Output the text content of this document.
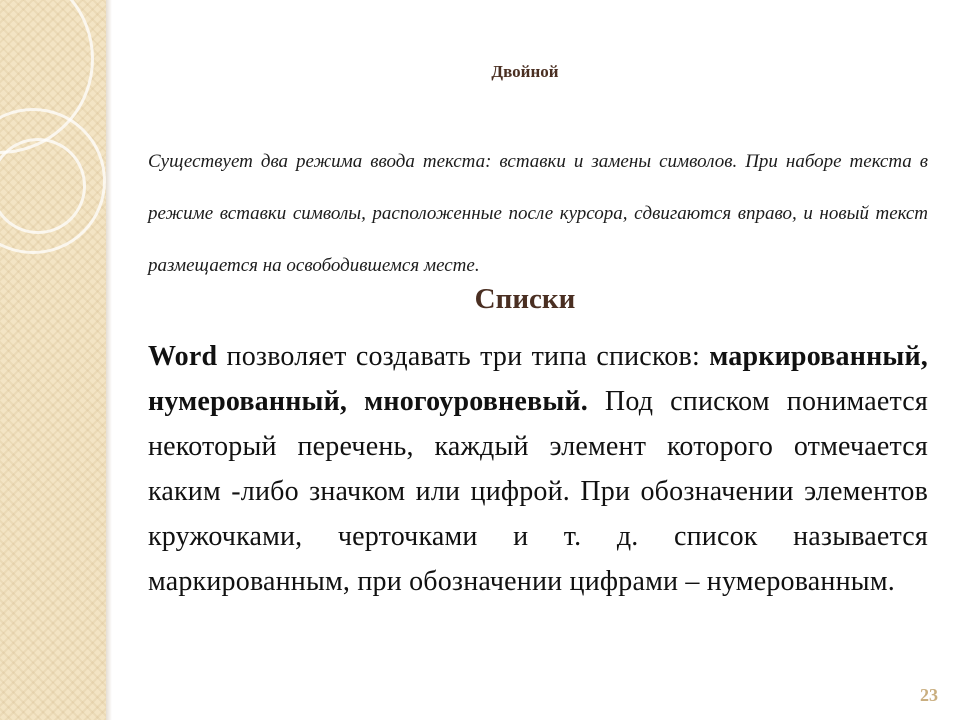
Двойной

Существует два режима ввода текста: вставки и замены символов. При наборе текста в режиме вставки символы, расположенные после курсора, сдвигаются вправо, и новый текст размещается на освободившемся месте.

Списки

Word позволяет создавать три типа списков: маркированный, нумерованный, многоуровневый. Под списком понимается некоторый перечень, каждый элемент которого отмечается каким -либо значком или цифрой. При обозначении элементов кружочками, черточками и т. д. список называется маркированным, при обозначении цифрами – нумерованным.

23
